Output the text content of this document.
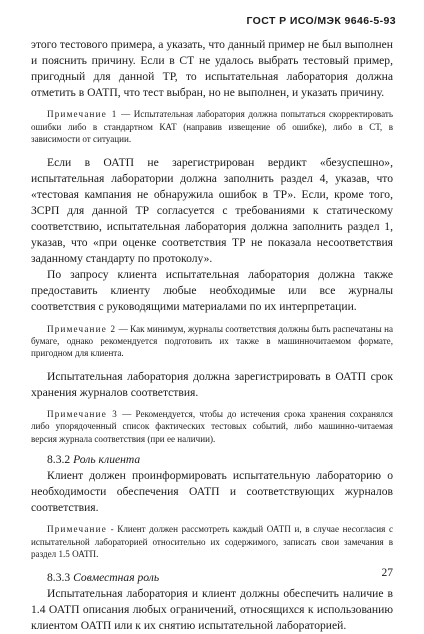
ГОСТ Р ИСО/МЭК 9646-5-93

этого тестового примера, а указать, что данный пример не был выполнен и пояснить причину. Если в СТ не удалось выбрать тестовый пример, пригодный для данной ТР, то испытательная лаборатория должна отметить в ОАТП, что тест выбран, но не выполнен, и указать причину.

Примечание 1 — Испытательная лаборатория должна попытаться скорректировать ошибки либо в стандартном КАТ (направив извещение об ошибке), либо в СТ, в зависимости от ситуации.

Если в ОАТП не зарегистрирован вердикт «безуспешно», испытательная лаборатории должна заполнить раздел 4, указав, что «тестовая кампания не обнаружила ошибок в ТР». Если, кроме того, ЗСРП для данной ТР согласуется с требованиями к статическому соответствию, испытательная лаборатория должна заполнить раздел 1, указав, что «при оценке соответствия ТР не показала несоответствия заданному стандарту по протоколу».

По запросу клиента испытательная лаборатория должна также предоставить клиенту любые необходимые или все журналы соответствия с руководящими материалами по их интерпретации.

Примечание 2 — Как минимум, журналы соответствия должны быть распечатаны на бумаге, однако рекомендуется подготовить их также в машинночитаемом формате, пригодном для клиента.

Испытательная лаборатория должна зарегистрировать в ОАТП срок хранения журналов соответствия.

Примечание 3 — Рекомендуется, чтобы до истечения срока хранения сохранялся либо упорядоченный список фактических тестовых событий, либо машинно-читаемая версия журнала соответствия (при ее наличии).

8.3.2 Роль клиента

Клиент должен проинформировать испытательную лабораторию о необходимости обеспечения ОАТП и соответствующих журналов соответствия.

Примечание - Клиент должен рассмотреть каждый ОАТП и, в случае несогласия с испытательной лабораторией относительно их содержимого, записать свои замечания в раздел 1.5 ОАТП.

8.3.3 Совместная роль

Испытательная лаборатория и клиент должны обеспечить наличие в 1.4 ОАТП описания любых ограничений, относящихся к использованию клиентом ОАТП или к их снятию испытательной лабораторией.

27
